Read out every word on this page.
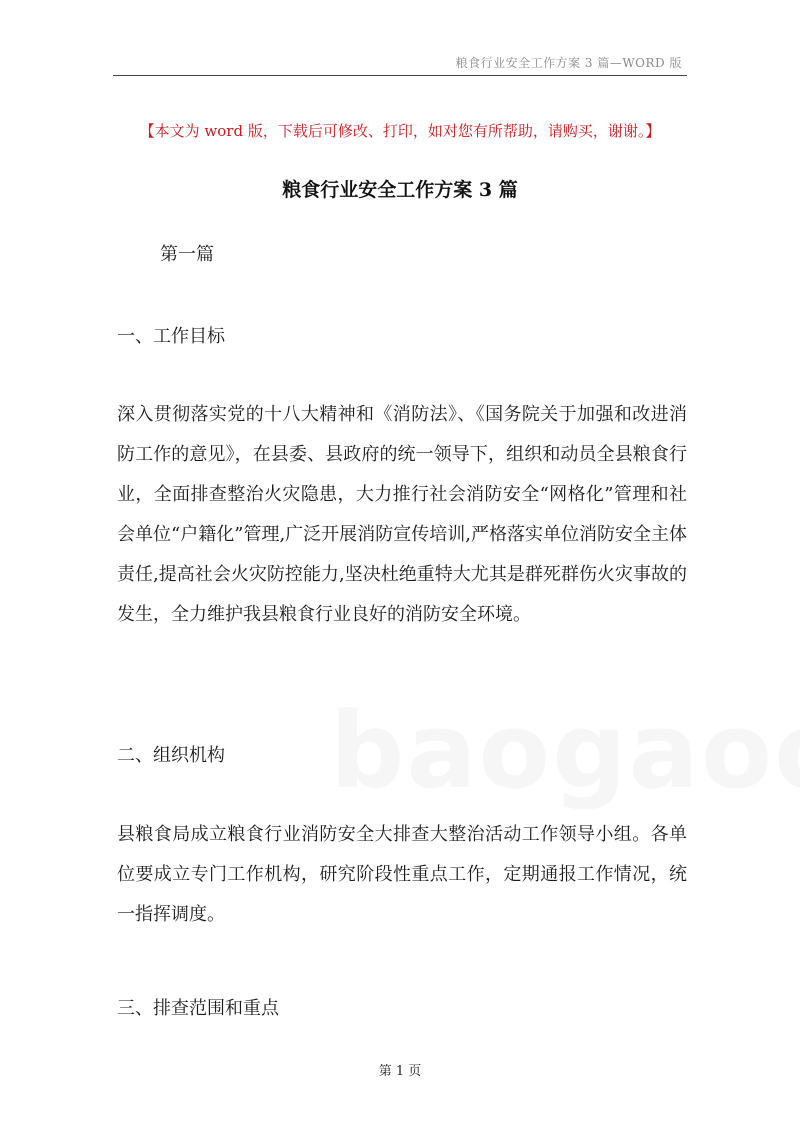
粮食行业安全工作方案 3 篇—WORD 版
【本文为 word 版，下载后可修改、打印，如对您有所帮助，请购买，谢谢。】
粮食行业安全工作方案 3 篇
第一篇
一、工作目标
深入贯彻落实党的十八大精神和《消防法》、《国务院关于加强和改进消防工作的意见》，在县委、县政府的统一领导下，组织和动员全县粮食行业，全面排查整治火灾隐患，大力推行社会消防安全“网格化”管理和社会单位“户籍化”管理,广泛开展消防宣传培训,严格落实单位消防安全主体责任,提高社会火灾防控能力,坚决杜绝重特大尤其是群死群伤火灾事故的发生，全力维护我县粮食行业良好的消防安全环境。
二、组织机构
县粮食局成立粮食行业消防安全大排查大整治活动工作领导小组。各单位要成立专门工作机构，研究阶段性重点工作，定期通报工作情况，统一指挥调度。
三、排查范围和重点
第 1 页
